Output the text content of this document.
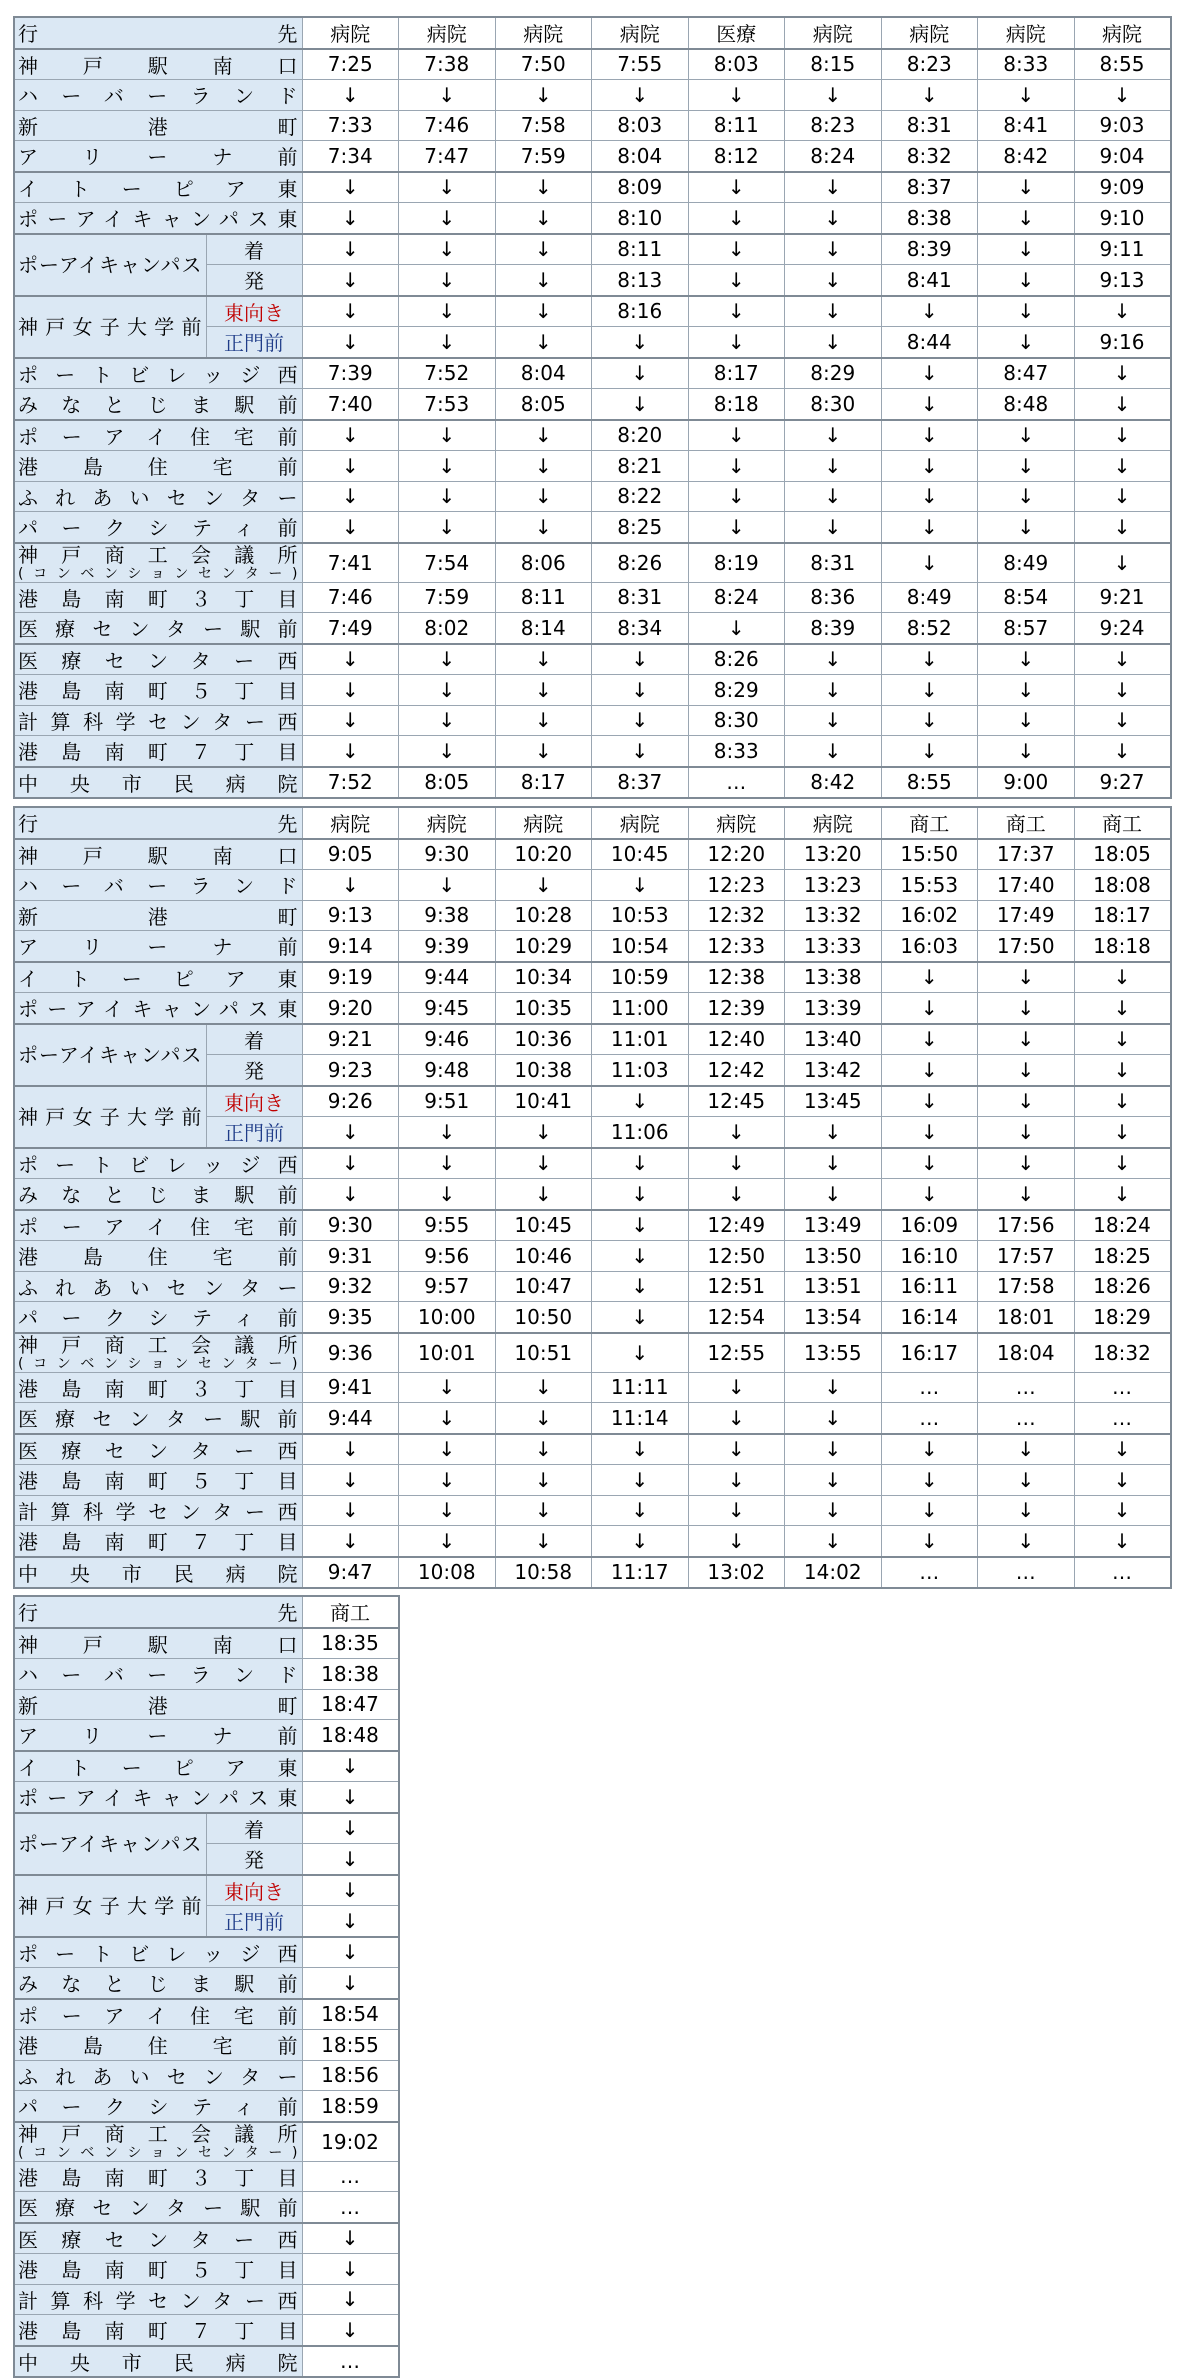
行 先		病院	病院	病院	病院	医療	病院	病院	病院	病院
神戸駅南口		7:25	7:38	7:50	7:55	8:03	8:15	8:23	8:33	8:55
ハーバーランド		↓	↓	↓	↓	↓	↓	↓	↓	↓
新港町		7:33	7:46	7:58	8:03	8:11	8:23	8:31	8:41	9:03
アリーナ前		7:34	7:47	7:59	8:04	8:12	8:24	8:32	8:42	9:04
イトーピア東		↓	↓	↓	8:09	↓	↓	8:37	↓	9:09
ポーアイキャンパス東		↓	↓	↓	8:10	↓	↓	8:38	↓	9:10
ポーアイキャンパス	着	↓	↓	↓	8:11	↓	↓	8:39	↓	9:11
	発	↓	↓	↓	8:13	↓	↓	8:41	↓	9:13
神戸女子大学前	東向き	↓	↓	↓	8:16	↓	↓	↓	↓	↓
	正門前	↓	↓	↓	↓	↓	↓	8:44	↓	9:16
ポートビレッジ西		7:39	7:52	8:04	↓	8:17	8:29	↓	8:47	↓
みなとじま駅前		7:40	7:53	8:05	↓	8:18	8:30	↓	8:48	↓
ポーアイ住宅前		↓	↓	↓	8:20	↓	↓	↓	↓	↓
港島住宅前		↓	↓	↓	8:21	↓	↓	↓	↓	↓
ふれあいセンター		↓	↓	↓	8:22	↓	↓	↓	↓	↓
パークシティ前		↓	↓	↓	8:25	↓	↓	↓	↓	↓

神戸商工会議所
(コンベンションセンター)		7:41	7:54	8:06	8:26	8:19	8:31	↓	8:49	↓
港島南町３丁目		7:46	7:59	8:11	8:31	8:24	8:36	8:49	8:54	9:21
医療センター駅前		7:49	8:02	8:14	8:34	↓	8:39	8:52	8:57	9:24
医療センター西		↓	↓	↓	↓	8:26	↓	↓	↓	↓
港島南町５丁目		↓	↓	↓	↓	8:29	↓	↓	↓	↓
計算科学センター西		↓	↓	↓	↓	8:30	↓	↓	↓	↓
港島南町７丁目		↓	↓	↓	↓	8:33	↓	↓	↓	↓
中央市民病院		7:52	8:05	8:17	8:37	…	8:42	8:55	9:00	9:27
行 先		病院	病院	病院	病院	病院	病院	商工	商工	商工
神戸駅南口		9:05	9:30	10:20	10:45	12:20	13:20	15:50	17:37	18:05
ハーバーランド		↓	↓	↓	↓	12:23	13:23	15:53	17:40	18:08
新港町		9:13	9:38	10:28	10:53	12:32	13:32	16:02	17:49	18:17
アリーナ前		9:14	9:39	10:29	10:54	12:33	13:33	16:03	17:50	18:18
イトーピア東		9:19	9:44	10:34	10:59	12:38	13:38	↓	↓	↓
ポーアイキャンパス東		9:20	9:45	10:35	11:00	12:39	13:39	↓	↓	↓
ポーアイキャンパス	着	9:21	9:46	10:36	11:01	12:40	13:40	↓	↓	↓
	発	9:23	9:48	10:38	11:03	12:42	13:42	↓	↓	↓
神戸女子大学前	東向き	9:26	9:51	10:41	↓	12:45	13:45	↓	↓	↓
	正門前	↓	↓	↓	11:06	↓	↓	↓	↓	↓
ポートビレッジ西		↓	↓	↓	↓	↓	↓	↓	↓	↓
みなとじま駅前		↓	↓	↓	↓	↓	↓	↓	↓	↓
ポーアイ住宅前		9:30	9:55	10:45	↓	12:49	13:49	16:09	17:56	18:24
港島住宅前		9:31	9:56	10:46	↓	12:50	13:50	16:10	17:57	18:25
ふれあいセンター		9:32	9:57	10:47	↓	12:51	13:51	16:11	17:58	18:26
パークシティ前		9:35	10:00	10:50	↓	12:54	13:54	16:14	18:01	18:29

神戸商工会議所
(コンベンションセンター)		9:36	10:01	10:51	↓	12:55	13:55	16:17	18:04	18:32
港島南町３丁目		9:41	↓	↓	11:11	↓	↓	…	…	…
医療センター駅前		9:44	↓	↓	11:14	↓	↓	…	…	…
医療センター西		↓	↓	↓	↓	↓	↓	↓	↓	↓
港島南町５丁目		↓	↓	↓	↓	↓	↓	↓	↓	↓
計算科学センター西		↓	↓	↓	↓	↓	↓	↓	↓	↓
港島南町７丁目		↓	↓	↓	↓	↓	↓	↓	↓	↓
中央市民病院		9:47	10:08	10:58	11:17	13:02	14:02	…	…	…
行 先		商工
神戸駅南口		18:35
ハーバーランド		18:38
新港町		18:47
アリーナ前		18:48
イトーピア東		↓
ポーアイキャンパス東		↓
ポーアイキャンパス	着	↓
	発	↓
神戸女子大学前	東向き	↓
	正門前	↓
ポートビレッジ西		↓
みなとじま駅前		↓
ポーアイ住宅前		18:54
港島住宅前		18:55
ふれあいセンター		18:56
パークシティ前		18:59

神戸商工会議所
(コンベンションセンター)		19:02
港島南町３丁目		…
医療センター駅前		…
医療センター西		↓
港島南町５丁目		↓
計算科学センター西		↓
港島南町７丁目		↓
中央市民病院		…
